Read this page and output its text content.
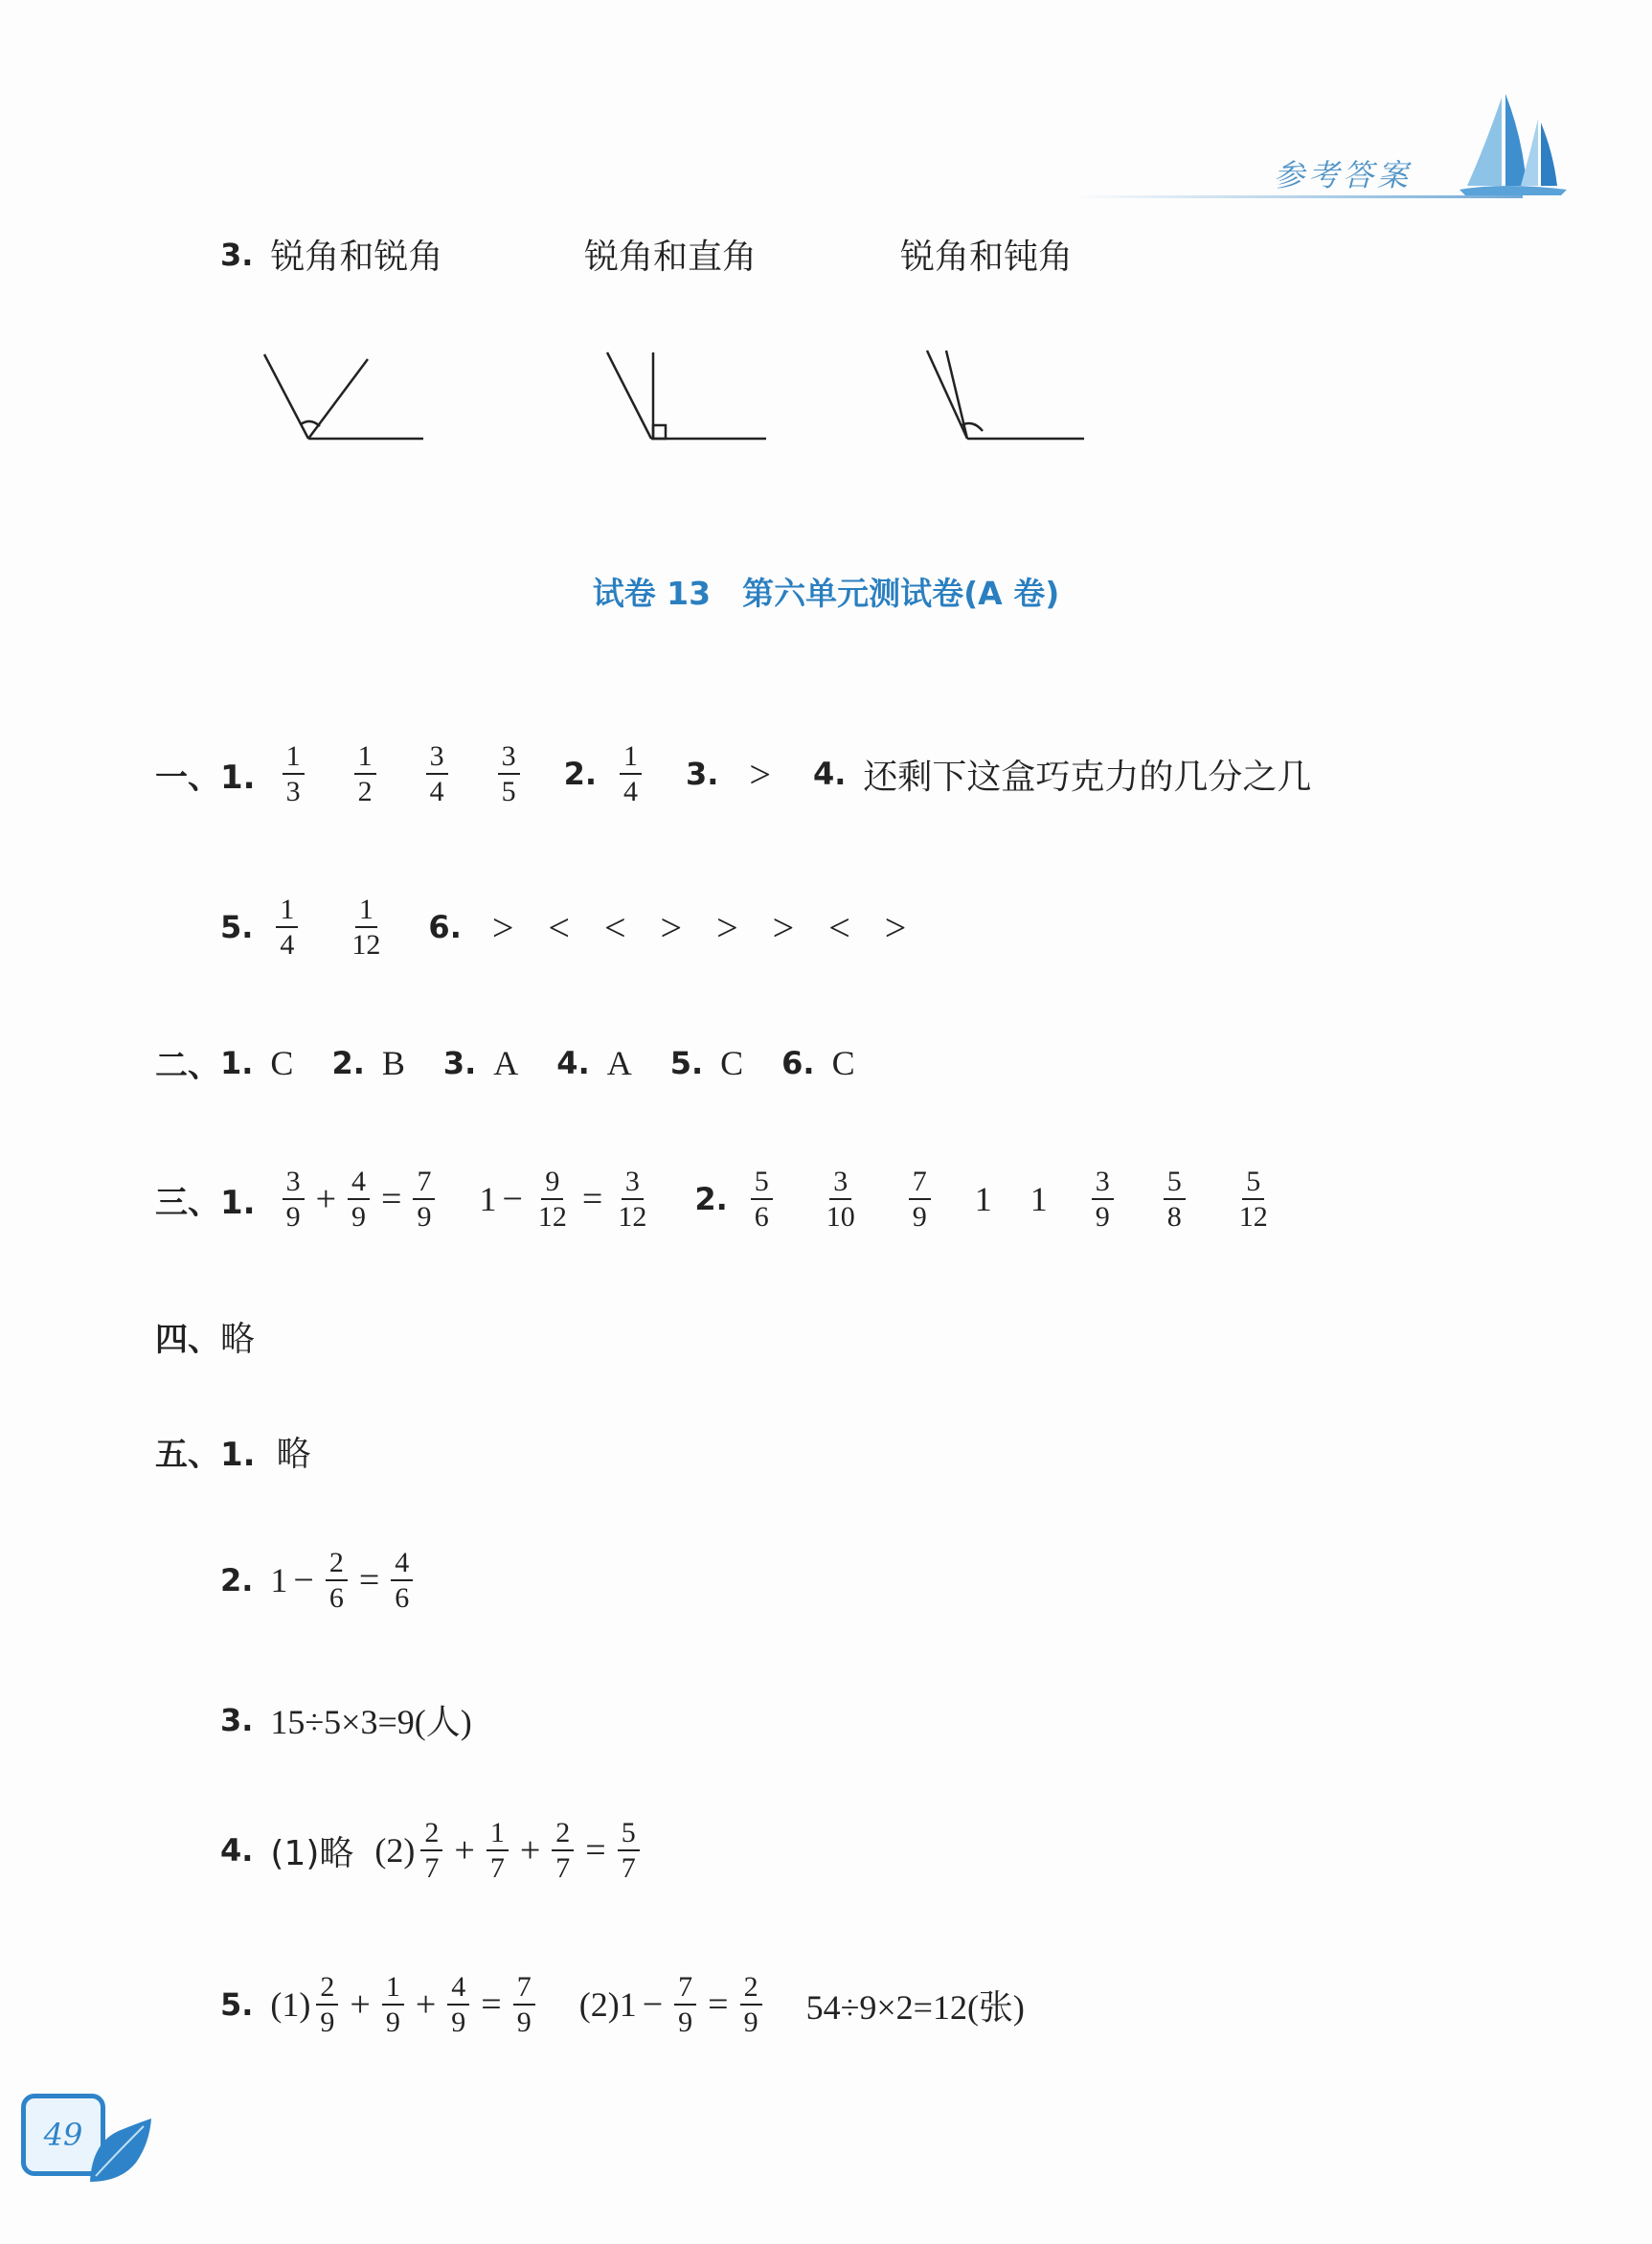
参考答案
3. 锐角和锐角	锐角和直角	锐角和钝角
试卷 13　第六单元测试卷(A 卷)
一、1. $\frac{1}{3} \frac{1}{2} \frac{3}{4} \frac{3}{5} 2$. $\frac{1}{4} 3$. > 4. 还剩下这盒巧克力的几分之几
5. $\frac{1}{4} \frac{1}{12} 6$. > < < > > > < >
二、 1. C 2. B 3. A 4. A 5. C 6. C
三、1. $\frac{3}{9} + \frac{4}{9} = \frac{7}{9} 1 - \frac{9}{12} = \frac{3}{12} 2$. $\frac{5}{6} \frac{3}{10} \frac{7}{9} 1$ $1 \frac{3}{9} \frac{5}{8} \frac{5}{12}$
四、 略
五、1. 略
2. $1 - \frac{2}{6} = \frac{4}{6}$
3. 15÷5×3=9(人)
4. (1)略 $(2) \frac{2}{7} + \frac{1}{7} + \frac{2}{7} = \frac{5}{7}$
5. $(1) \frac{2}{9} + \frac{1}{9} + \frac{4}{9} = \frac{7}{9} (2)1 - \frac{7}{9} = \frac{2}{9} 54\div 9\times 2=12$(张)
49
